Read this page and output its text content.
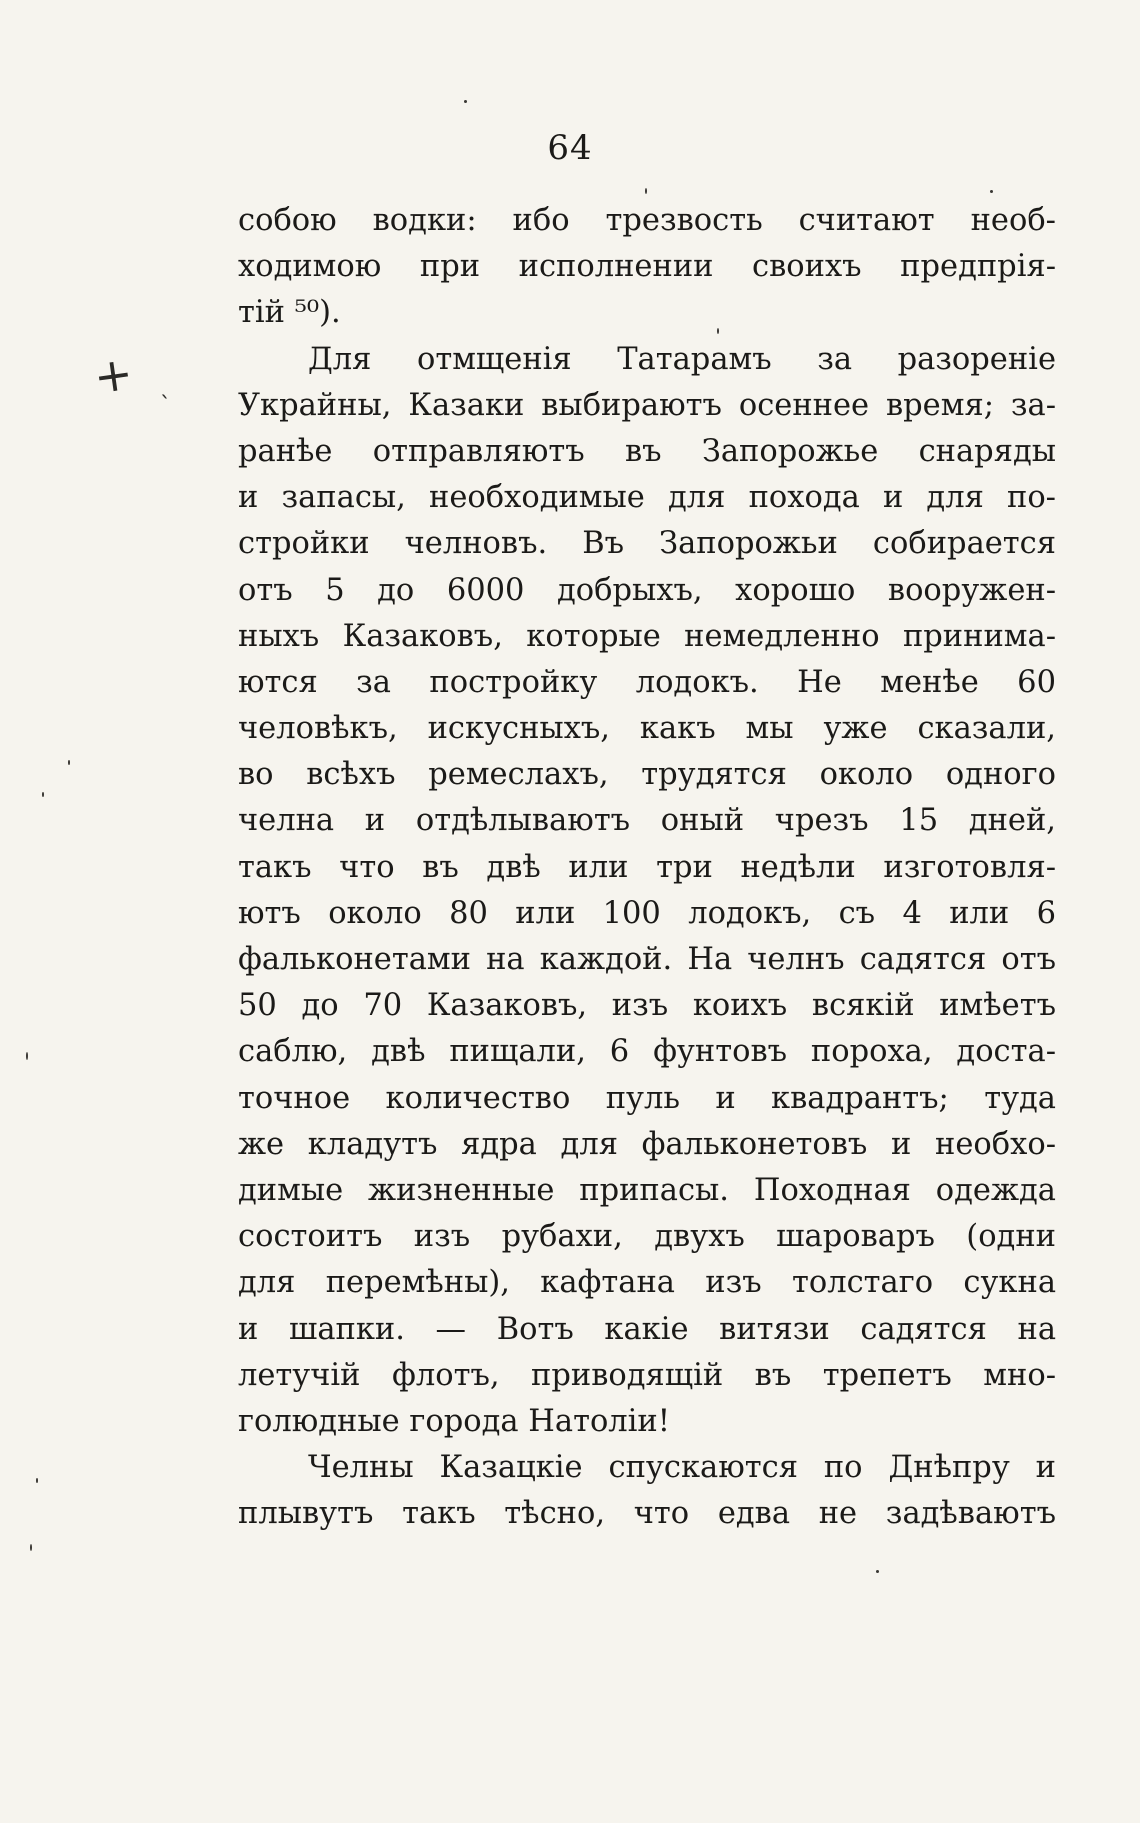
64
+ ˎ
собою водки: ибо трезвость считают необ-
ходимою при исполнении своихъ предпрія-
тій ⁵⁰).
Для отмщенія Татарамъ за разореніе
Украйны, Казаки выбираютъ осеннее время; за-
ранѣе отправляютъ въ Запорожье снаряды
и запасы, необходимые для похода и для по-
стройки челновъ. Въ Запорожьи собирается
отъ 5 до 6000 добрыхъ, хорошо вооружен-
ныхъ Казаковъ, которые немедленно принима-
ются за постройку лодокъ. Не менѣе 60
человѣкъ, искусныхъ, какъ мы уже сказали,
во всѣхъ ремеслахъ, трудятся около одного
челна и отдѣлываютъ оный чрезъ 15 дней,
такъ что въ двѣ или три недѣли изготовля-
ютъ около 80 или 100 лодокъ, съ 4 или 6
фальконетами на каждой. На челнъ садятся отъ
50 до 70 Казаковъ, изъ коихъ всякій имѣетъ
саблю, двѣ пищали, 6 фунтовъ пороха, доста-
точное количество пуль и квадрантъ; туда
же кладутъ ядра для фальконетовъ и необхо-
димые жизненные припасы. Походная одежда
состоитъ изъ рубахи, двухъ шароваръ (одни
для перемѣны), кафтана изъ толстаго сукна
и шапки. — Вотъ какіе витязи садятся на
летучій флотъ, приводящій въ трепетъ мно-
голюдные города Натоліи!
Челны Казацкіе спускаются по Днѣпру и
плывутъ такъ тѣсно, что едва не задѣваютъ
